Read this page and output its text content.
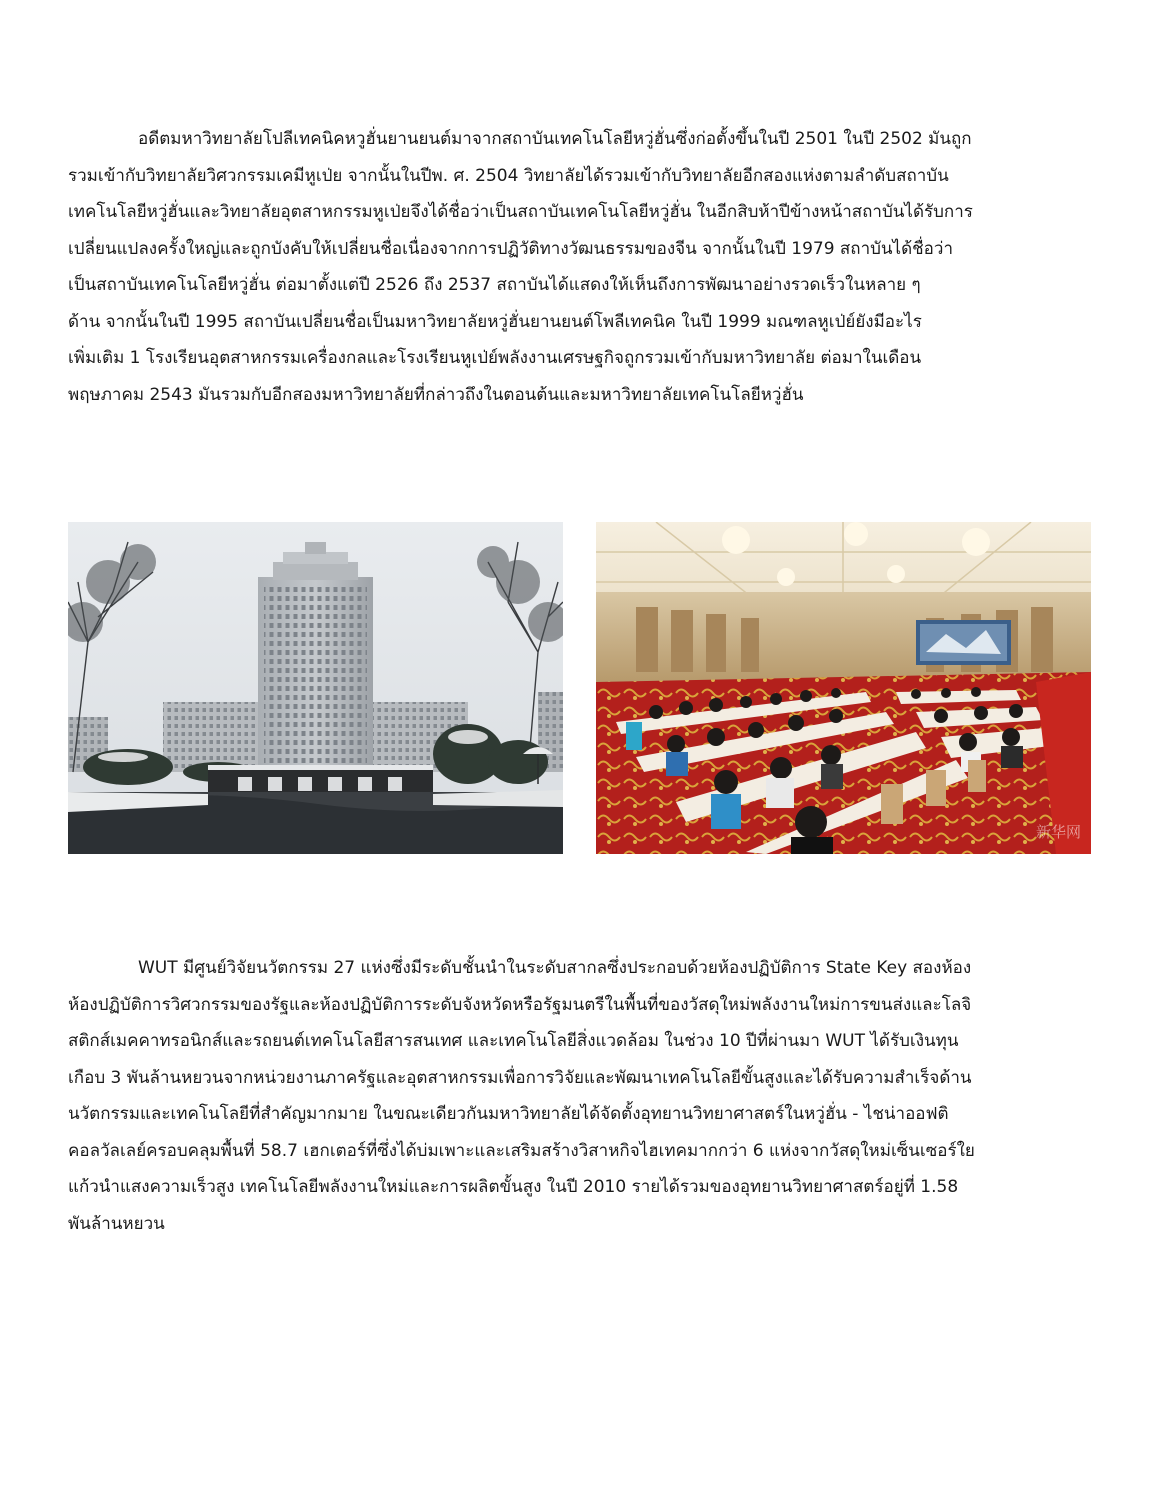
อดีตมหาวิทยาลัยโปลีเทคนิคหวูฮั่นยานยนต์มาจากสถาบันเทคโนโลยีหวู่ฮั่นซึ่งก่อตั้งขึ้นในปี 2501 ในปี 2502 มันถูก
รวมเข้ากับวิทยาลัยวิศวกรรมเคมีหูเป่ย จากนั้นในปีพ. ศ. 2504 วิทยาลัยได้รวมเข้ากับวิทยาลัยอีกสองแห่งตามลำดับสถาบัน
เทคโนโลยีหวู่ฮั่นและวิทยาลัยอุตสาหกรรมหูเป่ยจึงได้ชื่อว่าเป็นสถาบันเทคโนโลยีหวู่ฮั่น ในอีกสิบห้าปีข้างหน้าสถาบันได้รับการ
เปลี่ยนแปลงครั้งใหญ่และถูกบังคับให้เปลี่ยนชื่อเนื่องจากการปฏิวัติทางวัฒนธรรมของจีน จากนั้นในปี 1979 สถาบันได้ชื่อว่า
เป็นสถาบันเทคโนโลยีหวู่ฮั่น ต่อมาตั้งแต่ปี 2526 ถึง 2537 สถาบันได้แสดงให้เห็นถึงการพัฒนาอย่างรวดเร็วในหลาย ๆ
ด้าน จากนั้นในปี 1995 สถาบันเปลี่ยนชื่อเป็นมหาวิทยาลัยหวู่ฮั่นยานยนต์โพลีเทคนิค ในปี 1999 มณฑลหูเป่ย์ยังมีอะไร
เพิ่มเติม 1 โรงเรียนอุตสาหกรรมเครื่องกลและโรงเรียนหูเป่ย์พลังงานเศรษฐกิจถูกรวมเข้ากับมหาวิทยาลัย ต่อมาในเดือน
พฤษภาคม 2543 มันรวมกับอีกสองมหาวิทยาลัยที่กล่าวถึงในตอนต้นและมหาวิทยาลัยเทคโนโลยีหวู่ฮั่น
新华网
WUT มีศูนย์วิจัยนวัตกรรม 27 แห่งซึ่งมีระดับชั้นนำในระดับสากลซึ่งประกอบด้วยห้องปฏิบัติการ State Key สองห้อง
ห้องปฏิบัติการวิศวกรรมของรัฐและห้องปฏิบัติการระดับจังหวัดหรือรัฐมนตรีในพื้นที่ของวัสดุใหม่พลังงานใหม่การขนส่งและโลจิ
สติกส์เมคคาทรอนิกส์และรถยนต์เทคโนโลยีสารสนเทศ และเทคโนโลยีสิ่งแวดล้อม ในช่วง 10 ปีที่ผ่านมา WUT ได้รับเงินทุน
เกือบ 3 พันล้านหยวนจากหน่วยงานภาครัฐและอุตสาหกรรมเพื่อการวิจัยและพัฒนาเทคโนโลยีขั้นสูงและได้รับความสำเร็จด้าน
นวัตกรรมและเทคโนโลยีที่สำคัญมากมาย ในขณะเดียวกันมหาวิทยาลัยได้จัดตั้งอุทยานวิทยาศาสตร์ในหวู่ฮั่น - ไชน่าออฟติ
คอลวัลเลย์ครอบคลุมพื้นที่ 58.7 เฮกเตอร์ที่ซึ่งได้บ่มเพาะและเสริมสร้างวิสาหกิจไฮเทคมากกว่า 6 แห่งจากวัสดุใหม่เซ็นเซอร์ใย
แก้วนำแสงความเร็วสูง เทคโนโลยีพลังงานใหม่และการผลิตขั้นสูง ในปี 2010 รายได้รวมของอุทยานวิทยาศาสตร์อยู่ที่ 1.58
พันล้านหยวน
